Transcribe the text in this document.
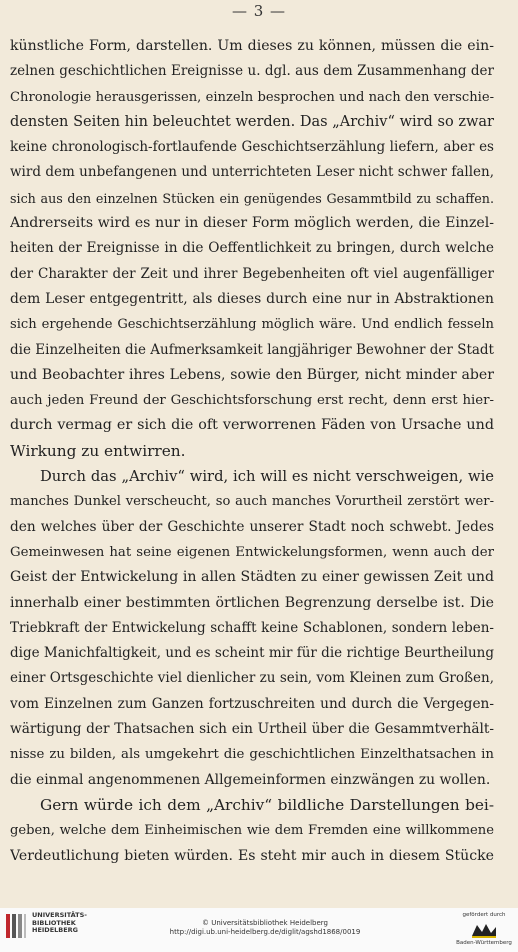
— 3 —
künstliche Form, darstellen. Um dieses zu können, müssen die ein-
zelnen geschichtlichen Ereignisse u. dgl. aus dem Zusammenhang der
Chronologie herausgerissen, einzeln besprochen und nach den verschie-
densten Seiten hin beleuchtet werden. Das „Archiv“ wird so zwar
keine chronologisch-fortlaufende Geschichtserzählung liefern, aber es
wird dem unbefangenen und unterrichteten Leser nicht schwer fallen,
sich aus den einzelnen Stücken ein genügendes Gesammtbild zu schaffen.
Andrerseits wird es nur in dieser Form möglich werden, die Einzel-
heiten der Ereignisse in die Oeffentlichkeit zu bringen, durch welche
der Charakter der Zeit und ihrer Begebenheiten oft viel augenfälliger
dem Leser entgegentritt, als dieses durch eine nur in Abstraktionen
sich ergehende Geschichtserzählung möglich wäre. Und endlich fesseln
die Einzelheiten die Aufmerksamkeit langjähriger Bewohner der Stadt
und Beobachter ihres Lebens, sowie den Bürger, nicht minder aber
auch jeden Freund der Geschichtsforschung erst recht, denn erst hier-
durch vermag er sich die oft verworrenen Fäden von Ursache und
Wirkung zu entwirren.
Durch das „Archiv“ wird, ich will es nicht verschweigen, wie
manches Dunkel verscheucht, so auch manches Vorurtheil zerstört wer-
den welches über der Geschichte unserer Stadt noch schwebt. Jedes
Gemeinwesen hat seine eigenen Entwickelungsformen, wenn auch der
Geist der Entwickelung in allen Städten zu einer gewissen Zeit und
innerhalb einer bestimmten örtlichen Begrenzung derselbe ist. Die
Triebkraft der Entwickelung schafft keine Schablonen, sondern leben-
dige Manichfaltigkeit, und es scheint mir für die richtige Beurtheilung
einer Ortsgeschichte viel dienlicher zu sein, vom Kleinen zum Großen,
vom Einzelnen zum Ganzen fortzuschreiten und durch die Vergegen-
wärtigung der Thatsachen sich ein Urtheil über die Gesammtverhält-
nisse zu bilden, als umgekehrt die geschichtlichen Einzelthatsachen in
die einmal angenommenen Allgemeinformen einzwängen zu wollen.
Gern würde ich dem „Archiv“ bildliche Darstellungen bei-
geben, welche dem Einheimischen wie dem Fremden eine willkommene
Verdeutlichung bieten würden. Es steht mir auch in diesem Stücke
UNIVERSITÄTS-
BIBLIOTHEK
HEIDELBERG
© Universitätsbibliothek Heidelberg
http://digi.ub.uni-heidelberg.de/diglit/agshd1868/0019
gefördert durch
Baden-Württemberg
